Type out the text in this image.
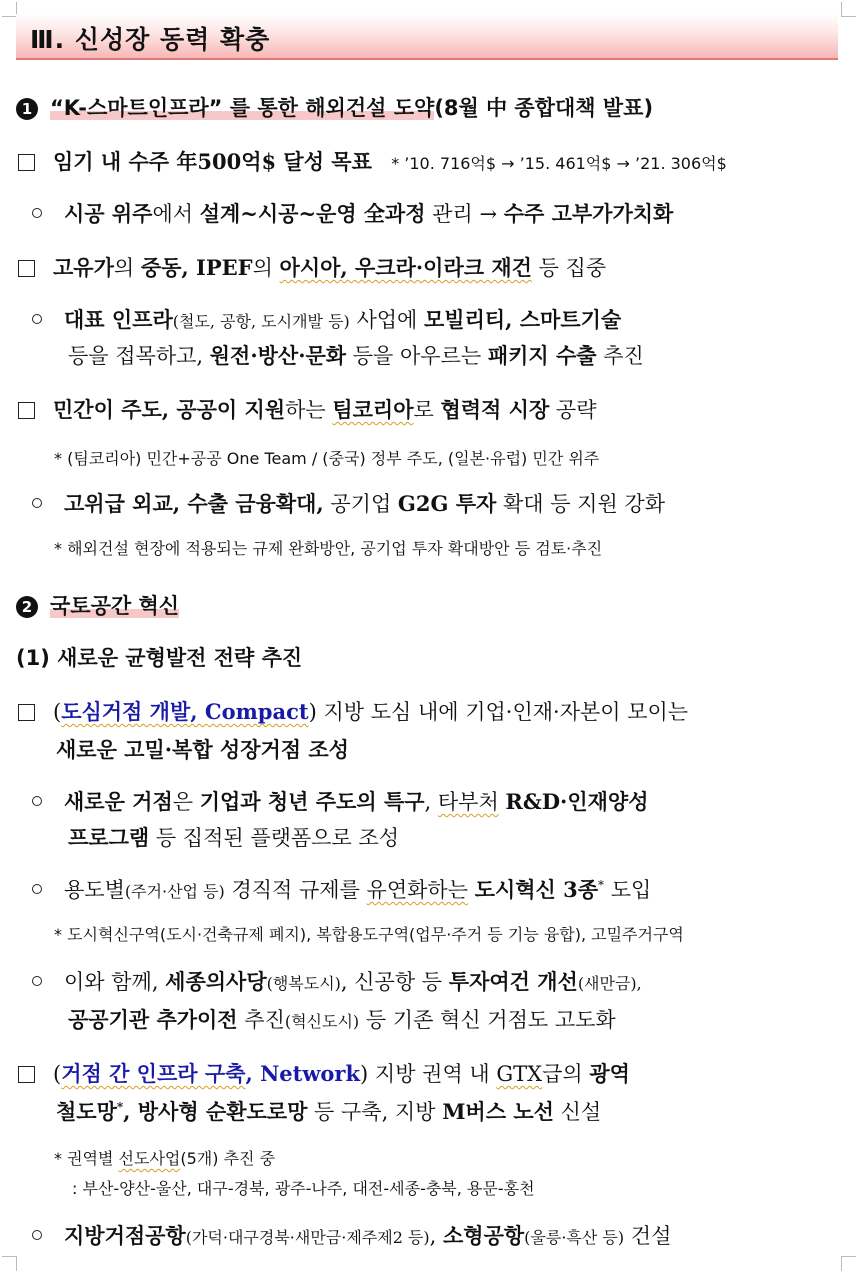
Ⅲ. 신성장 동력 확충
1 “K-스마트인프라” 를 통한 해외건설 도약(8월 中 종합대책 발표)
임기 내 수주 年500억$ 달성 목표 * ’10. 716억$ → ’15. 461억$ → ’21. 306억$
시공 위주에서 설계~시공~운영 全과정 관리 → 수주 고부가가치화
고유가의 중동, IPEF의 아시아, 우크라·이라크 재건 등 집중
대표 인프라(철도, 공항, 도시개발 등) 사업에 모빌리티, 스마트기술
등을 접목하고, 원전·방산·문화 등을 아우르는 패키지 수출 추진
민간이 주도, 공공이 지원하는 팀코리아로 협력적 시장 공략
* (팀코리아) 민간+공공 One Team / (중국) 정부 주도, (일본·유럽) 민간 위주
고위급 외교, 수출 금융확대, 공기업 G2G 투자 확대 등 지원 강화
* 해외건설 현장에 적용되는 규제 완화방안, 공기업 투자 확대방안 등 검토·추진
2 국토공간 혁신
(1) 새로운 균형발전 전략 추진
(도심거점 개발, Compact) 지방 도심 내에 기업·인재·자본이 모이는
새로운 고밀·복합 성장거점 조성
새로운 거점은 기업과 청년 주도의 특구, 타부처 R&D·인재양성
프로그램 등 집적된 플랫폼으로 조성
용도별(주거·산업 등) 경직적 규제를 유연화하는 도시혁신 3종* 도입
* 도시혁신구역(도시·건축규제 폐지), 복합용도구역(업무·주거 등 기능 융합), 고밀주거구역
이와 함께, 세종의사당(행복도시), 신공항 등 투자여건 개선(새만금),
공공기관 추가이전 추진(혁신도시) 등 기존 혁신 거점도 고도화
(거점 간 인프라 구축, Network) 지방 권역 내 GTX급의 광역
철도망*, 방사형 순환도로망 등 구축, 지방 M버스 노선 신설
* 권역별 선도사업(5개) 추진 중
: 부산-양산-울산, 대구-경북, 광주-나주, 대전-세종-충북, 용문-홍천
지방거점공항(가덕·대구경북·새만금·제주제2 등), 소형공항(울릉·흑산 등) 건설
